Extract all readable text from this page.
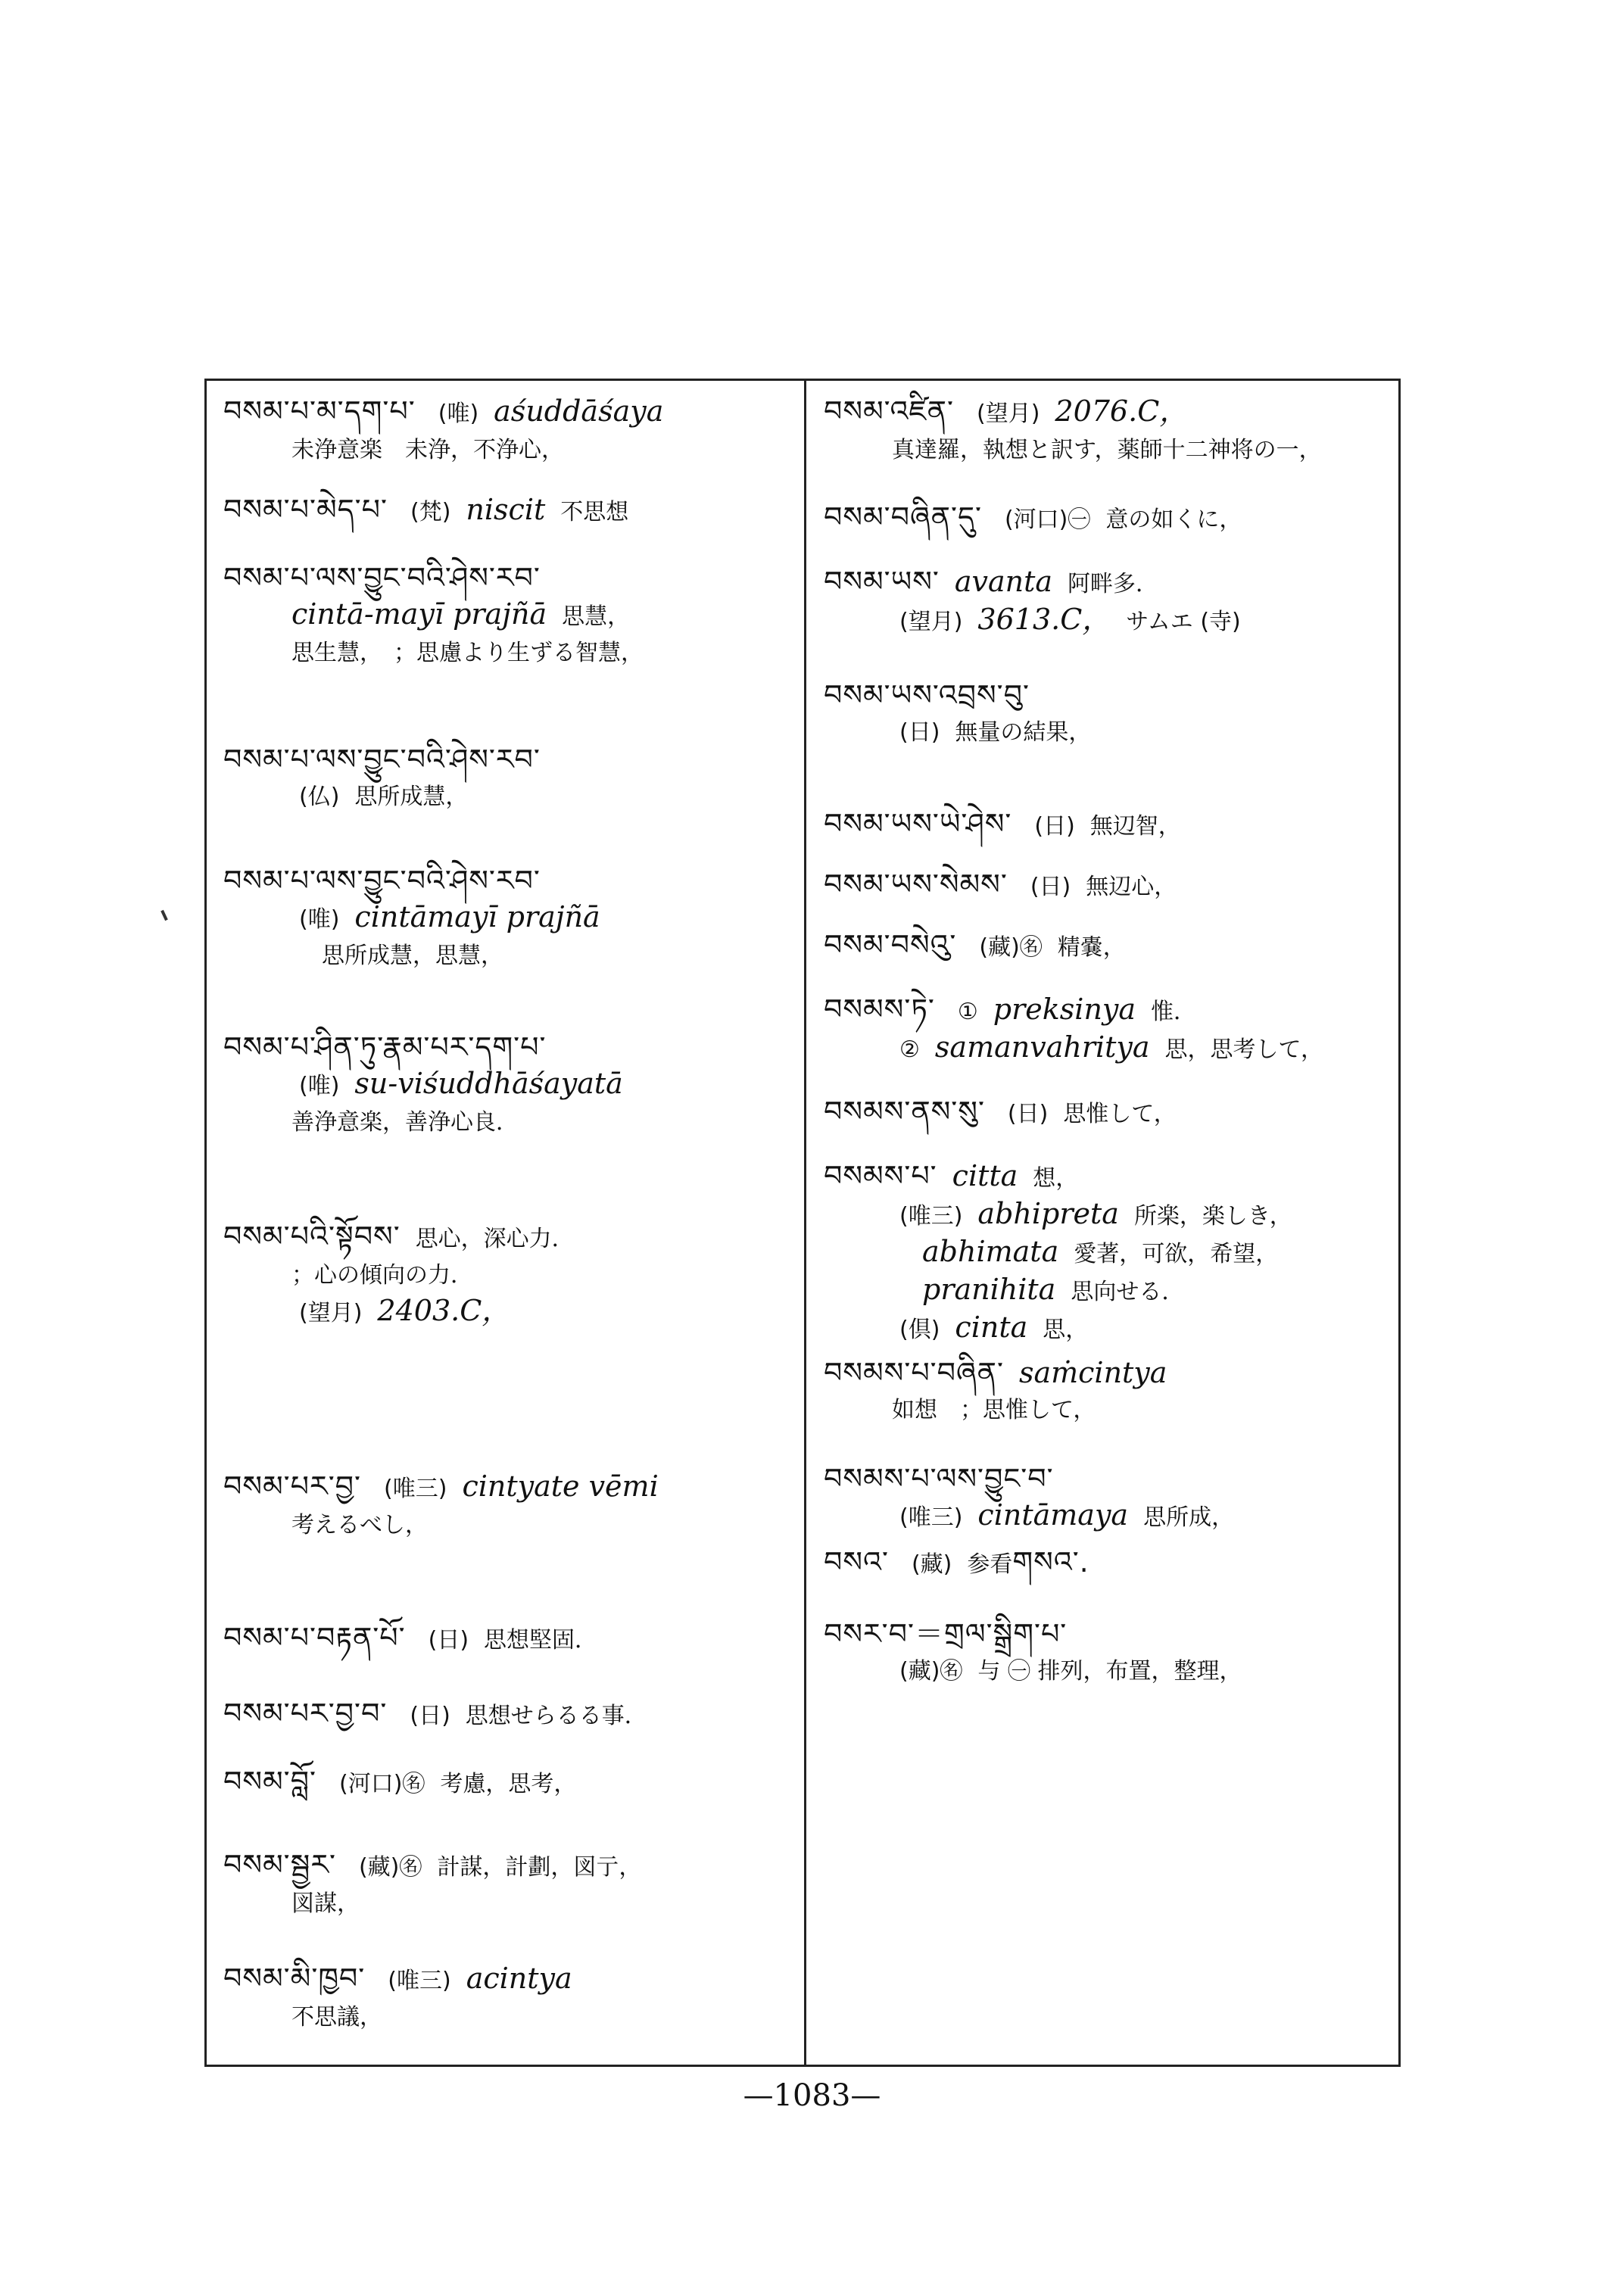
བསམ་པ་མ་དག་པ་ (唯) aśuddāśaya
未浄意楽　未浄，不浄心，
བསམ་པ་མེད་པ་ (梵) niscit 不思想
བསམ་པ་ལས་བྱུང་བའི་ཤེས་རབ་
cintā-mayī prajñā 思慧，
思生慧，　；思慮より生ずる智慧，
བསམ་པ་ལས་བྱུང་བའི་ཤེས་རབ་
(仏) 思所成慧，
བསམ་པ་ལས་བྱུང་བའི་ཤེས་རབ་
(唯) cintāmayī prajñā
思所成慧，思慧，
བསམ་པ་ཤིན་ཏུ་རྣམ་པར་དག་པ་
(唯) su-viśuddhāśayatā
善浄意楽，善浄心良．
བསམ་པའི་སྟོབས་ 思心，深心力．
；心の傾向の力．
(望月) 2403.C，
བསམ་པར་བྱ་ (唯三) cintyate vēmi
考えるべし，
བསམ་པ་བརྟན་པོ་ (日) 思想堅固．
བསམ་པར་བྱ་བ་ (日) 思想せらるる事．
བསམ་བློ་ (河口)㊔ 考慮，思考，
བསམ་སྦྱར་ (藏)㊔ 計謀，計劃，図亍，
図謀，
བསམ་མི་ཁྱབ་ (唯三) acintya
不思議，
བསམ་འཛིན་ (望月) 2076.C，
真達羅，執想と訳す，薬師十二神将の一，
བསམ་བཞིན་དུ་ (河口)㊀ 意の如くに，
བསམ་ཡས་ avanta 阿畔多．
(望月) 3613.C， サムエ (寺)
བསམ་ཡས་འབྲས་བུ་
(日) 無量の結果，
བསམ་ཡས་ཡེ་ཤེས་ (日) 無辺智，
བསམ་ཡས་སེམས་ (日) 無辺心，
བསམ་བསེའུ་ (藏)㊔ 精嚢，
བསམས་ཏེ་ ① preksinya 惟．
② samanvahritya 思，思考して，
བསམས་ནས་སུ་ (日) 思惟して，
བསམས་པ་ citta 想，
(唯三) abhipreta 所楽，楽しき，
abhimata 愛著，可欲，希望，
pranihita 思向せる．
(倶) cinta 思，
བསམས་པ་བཞིན་ saṁcintya
如想　；思惟して，
བསམས་པ་ལས་བྱུང་བ་
(唯三) cintāmaya 思所成，
བསའ་ (藏) 参看གསའ་.
བསར་བ་＝གྲལ་སྒྲིག་པ་
(藏)㊔ 与 ㊀ 排列，布置，整理，
—1083—
